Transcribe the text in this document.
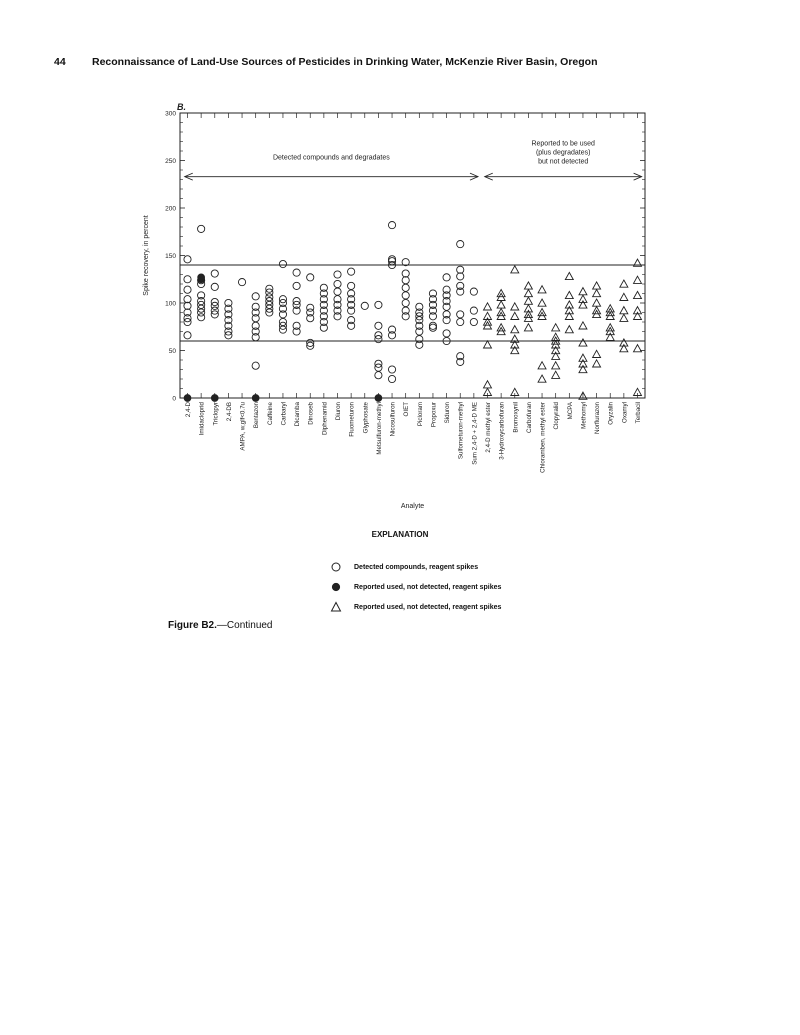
44	Reconnaissance of Land-Use Sources of Pesticides in Drinking Water, McKenzie River Basin, Oregon
0
50
100
150
200
250
300
2,4-D Imidacloprid Triclopyr 2,4-DB AMPA, w,glf<0.7u Bentazon Caffeine Carbaryl Dicamba Dinoseb Diphenamid Diuron Fluometuron Glyphosate Metsulfuron-methyl Nicosulfuron OIET Picloram Propoxur Siduron Sulfometuron-methyl Sum 2,4-D + 2,4-D ME 2,4-D methyl ester 3-Hydroxycarbofuran Bromoxynil Carbofuran Chloramben, methyl ester Clopyralid MCPA Methomyl Norflurazon Oryzalin Oxamyl Terbacil
B.
Spike recovery, in percent
Analyte
Detected compounds and degradates
Reported to be used
(plus degradates)
but not detected
EXPLANATION
Detected compounds, reagent spikes
Reported used, not detected, reagent spikes
Reported used, not detected, reagent spikes
Figure B2.—Continued
